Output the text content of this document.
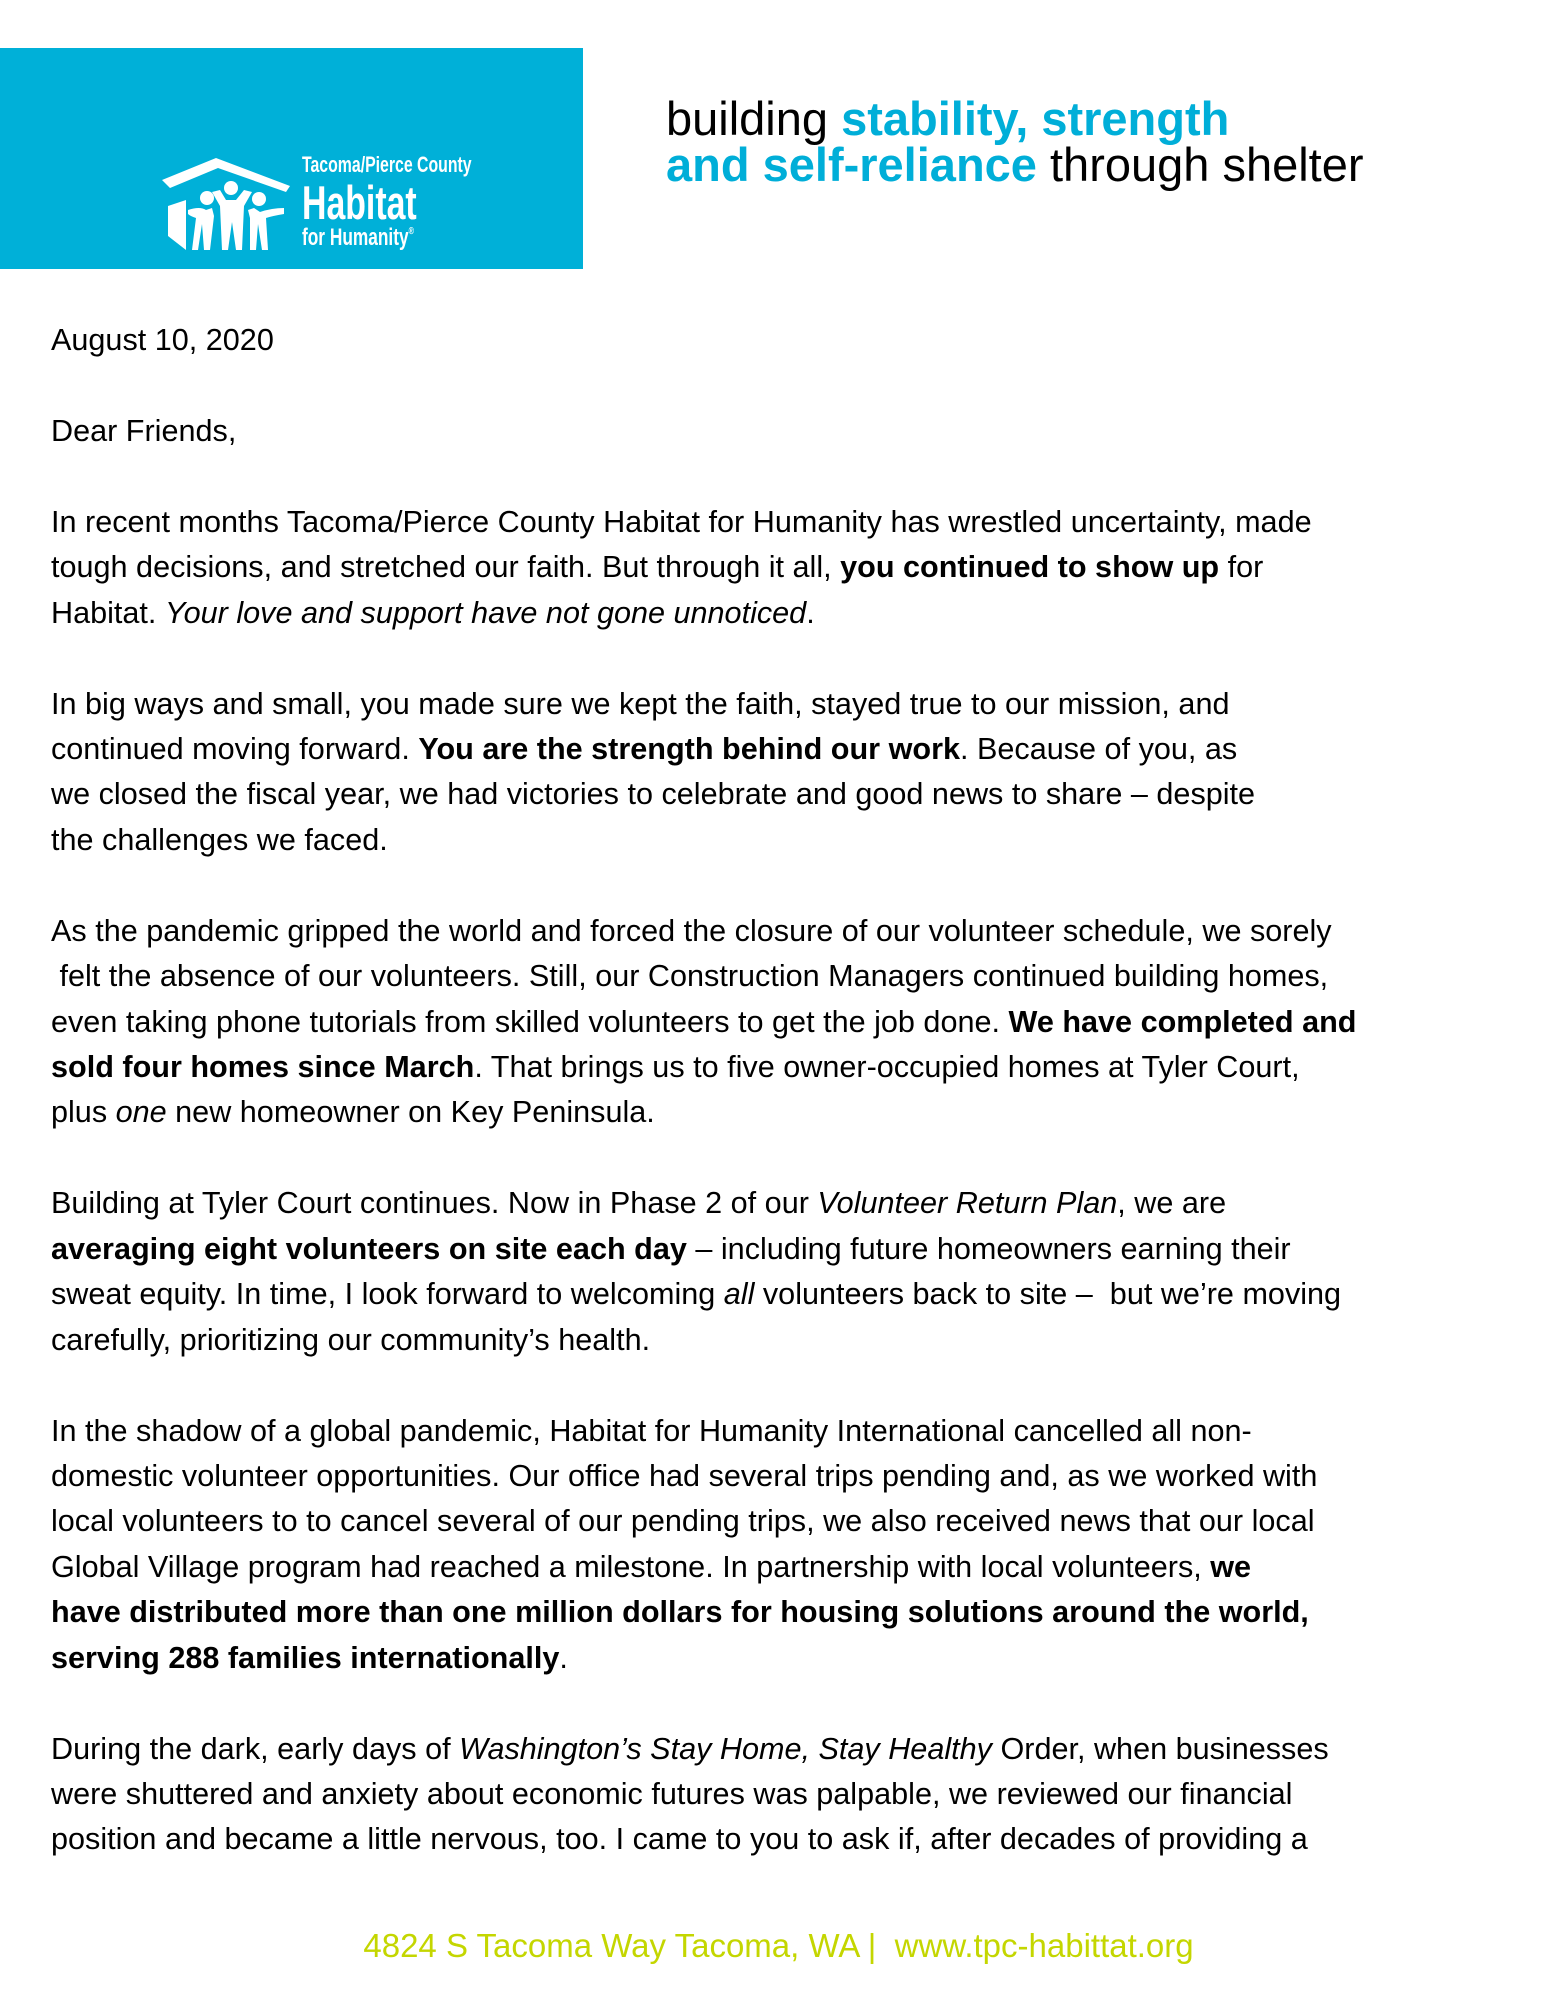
Tacoma/Pierce County
Habitat
for Humanity®
building stability, strength
and self-reliance through shelter
August 10, 2020
Dear Friends,
In recent months Tacoma/Pierce County Habitat for Humanity has wrestled uncertainty, made
tough decisions, and stretched our faith. But through it all, you continued to show up for
Habitat. Your love and support have not gone unnoticed.
In big ways and small, you made sure we kept the faith, stayed true to our mission, and
continued moving forward. You are the strength behind our work. Because of you, as
we closed the fiscal year, we had victories to celebrate and good news to share – despite
the challenges we faced.
As the pandemic gripped the world and forced the closure of our volunteer schedule, we sorely
felt the absence of our volunteers. Still, our Construction Managers continued building homes,
even taking phone tutorials from skilled volunteers to get the job done. We have completed and
sold four homes since March. That brings us to five owner-occupied homes at Tyler Court,
plus one new homeowner on Key Peninsula.
Building at Tyler Court continues. Now in Phase 2 of our Volunteer Return Plan, we are
averaging eight volunteers on site each day – including future homeowners earning their
sweat equity. In time, I look forward to welcoming all volunteers back to site –  but we’re moving
carefully, prioritizing our community’s health.
In the shadow of a global pandemic, Habitat for Humanity International cancelled all non-
domestic volunteer opportunities. Our office had several trips pending and, as we worked with
local volunteers to to cancel several of our pending trips, we also received news that our local
Global Village program had reached a milestone. In partnership with local volunteers, we
have distributed more than one million dollars for housing solutions around the world,
serving 288 families internationally.
During the dark, early days of Washington’s Stay Home, Stay Healthy Order, when businesses
were shuttered and anxiety about economic futures was palpable, we reviewed our financial
position and became a little nervous, too. I came to you to ask if, after decades of providing a
4824 S Tacoma Way Tacoma, WA |  www.tpc-habittat.org
